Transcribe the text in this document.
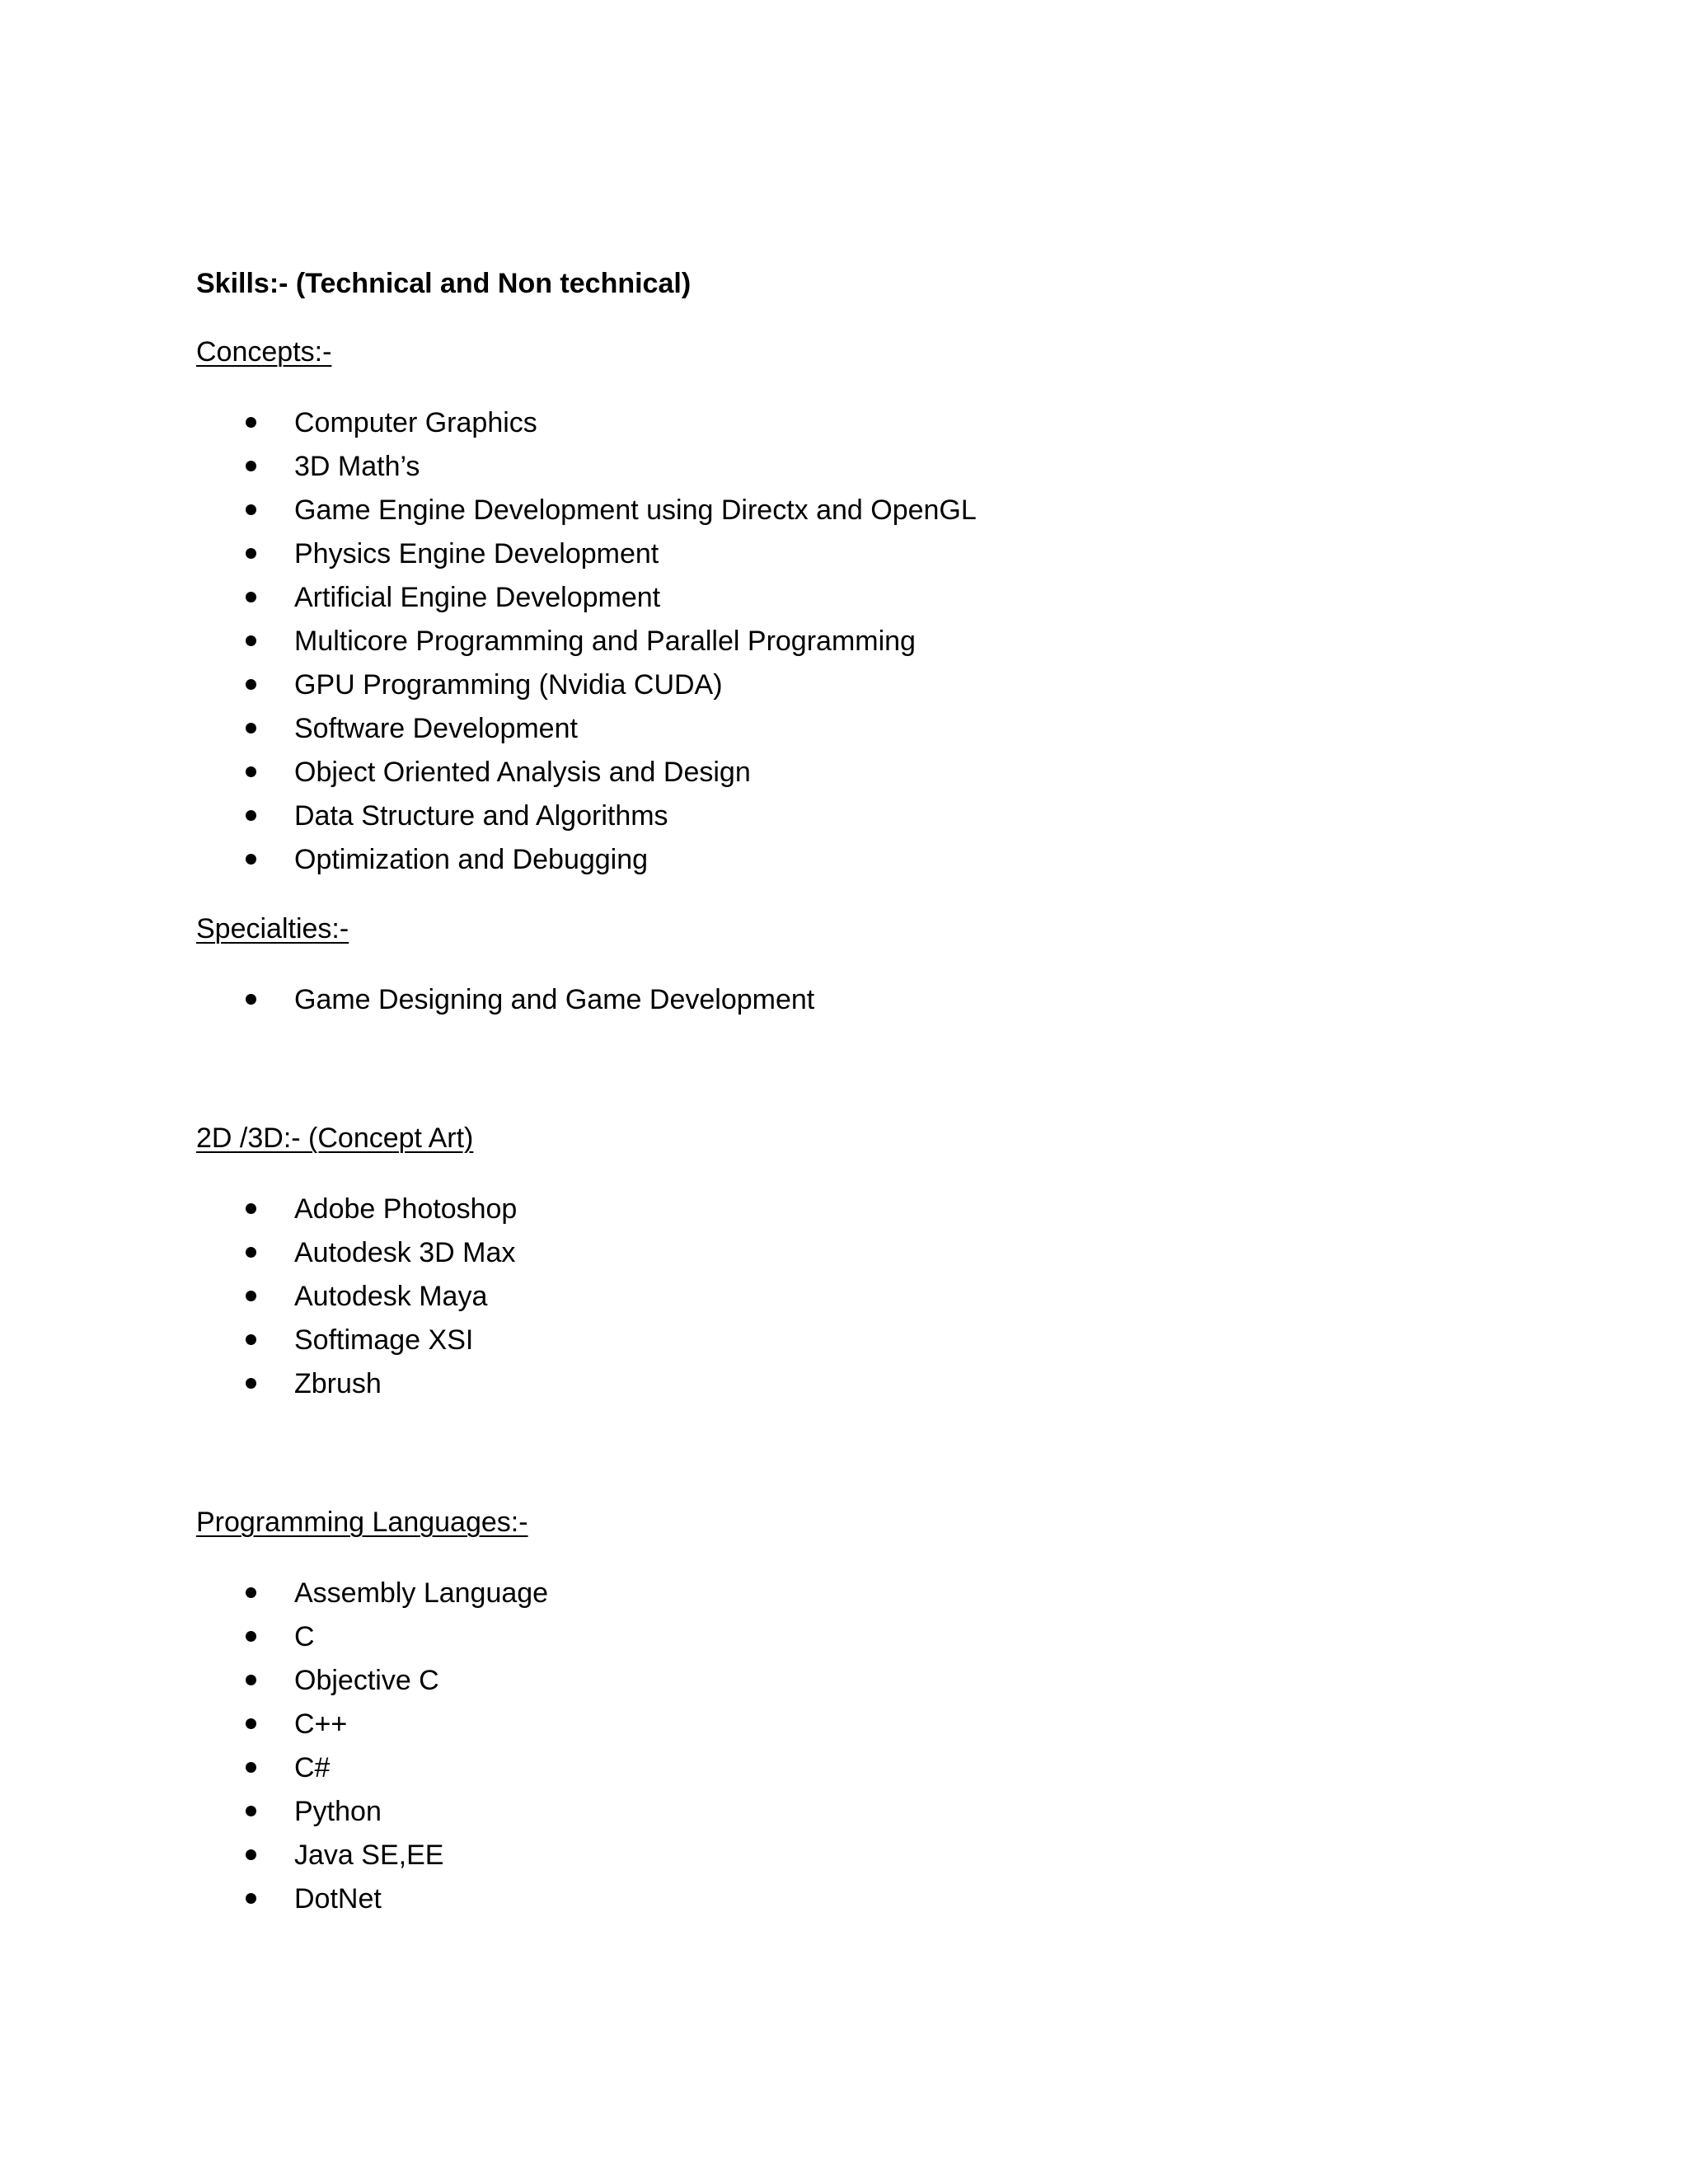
Skills:- (Technical and Non technical)
Concepts:-
Computer Graphics
3D Math’s
Game Engine Development using Directx and OpenGL
Physics Engine Development
Artificial Engine Development
Multicore Programming and Parallel Programming
GPU Programming (Nvidia CUDA)
Software Development
Object Oriented Analysis and Design
Data Structure and Algorithms
Optimization and Debugging
Specialties:-
Game Designing and Game Development
2D /3D:- (Concept Art)
Adobe Photoshop
Autodesk 3D Max
Autodesk Maya
Softimage XSI
Zbrush
Programming Languages:-
Assembly Language
C
Objective C
C++
C#
Python
Java SE,EE
DotNet
